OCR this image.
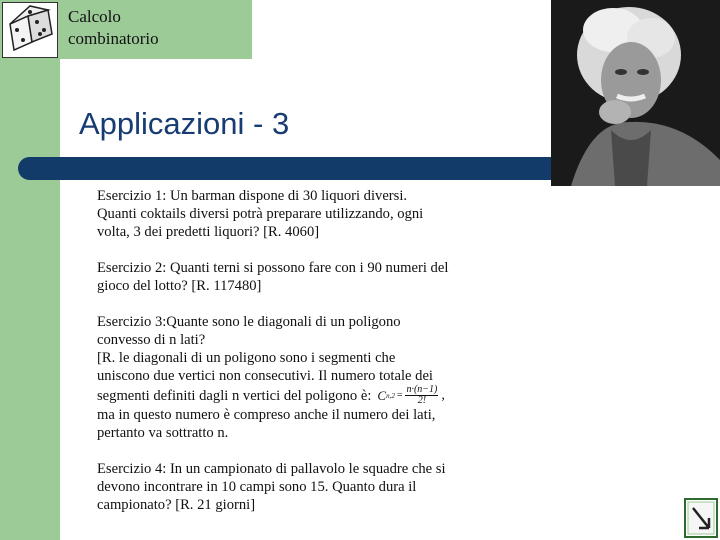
Calcolo
combinatorio
Applicazioni - 3
Esercizio 1: Un barman dispone di 30 liquori diversi.
Quanti coktails diversi potrà preparare utilizzando, ogni
volta, 3 dei predetti liquori? [R. 4060]
Esercizio 2: Quanti terni si possono fare con i 90 numeri del
gioco del lotto? [R. 117480]
Esercizio 3:Quante sono le diagonali di un poligono
convesso di n lati?
[R. le diagonali di un poligono sono i segmenti che
uniscono due vertici non consecutivi. Il numero totale dei
segmenti definiti dagli n vertici del poligono è: C $n,2 = \frac{n\cdot(n-1)}{2!}$ ,
ma in questo numero è compreso anche il numero dei lati,
pertanto va sottratto n.
Esercizio 4: In un campionato di pallavolo le squadre che si
devono incontrare in 10 campi sono 15. Quanto dura il
campionato? [R. 21 giorni]
